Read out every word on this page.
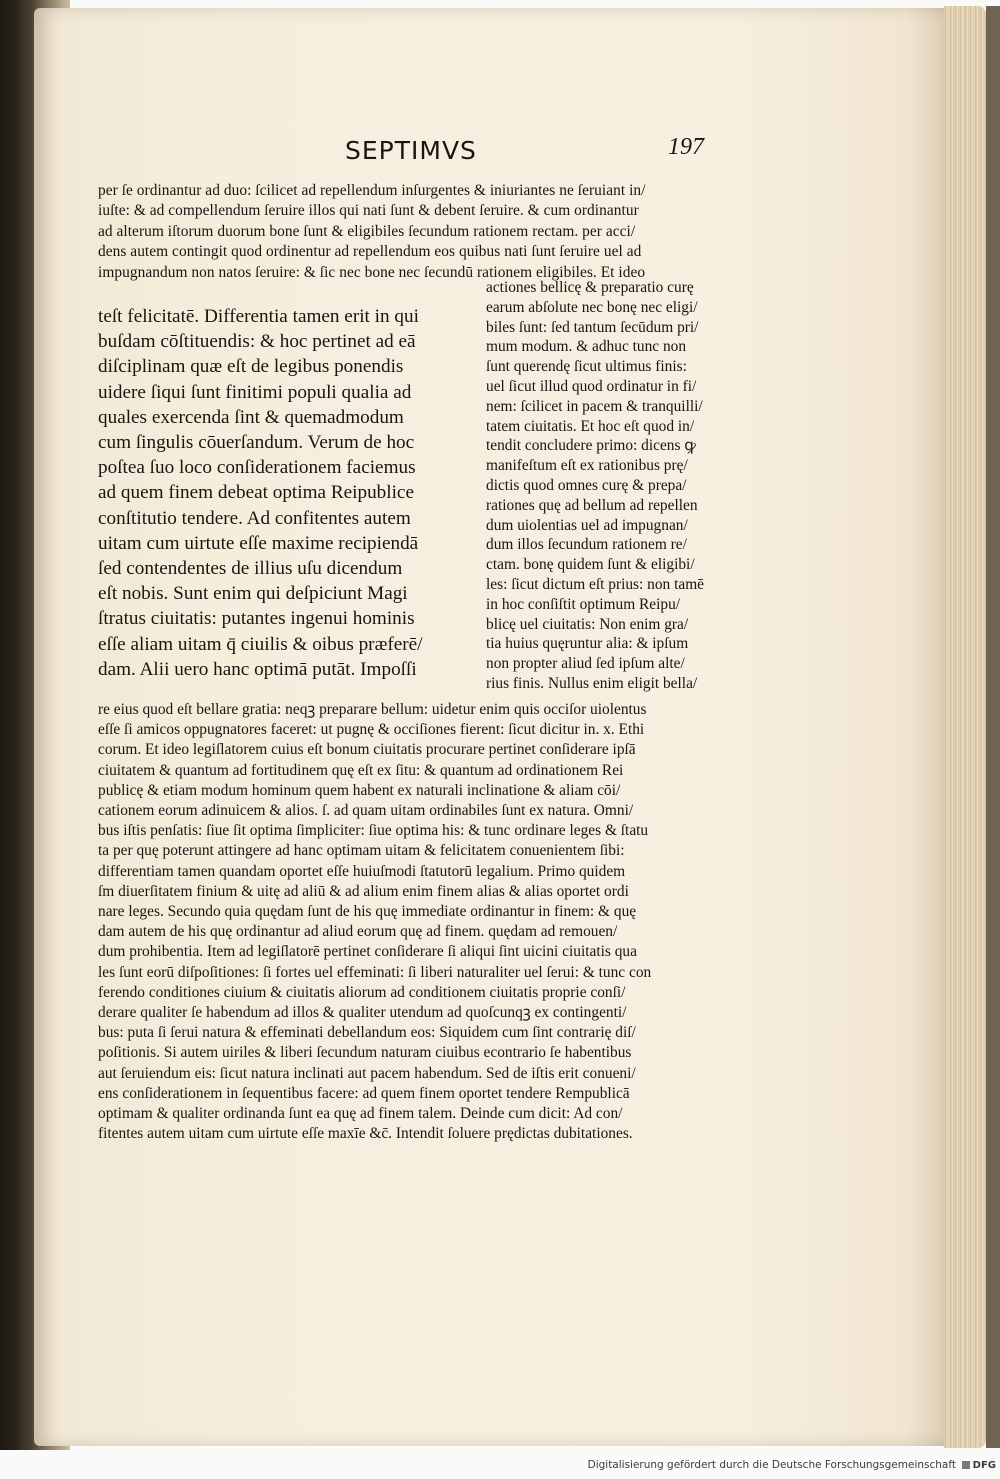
SEPTIMVS	197
per ſe ordinantur ad duo: ſcilicet ad repellendum inſurgentes & iniuriantes ne ſeruiant in/
iuſte: & ad compellendum ſeruire illos qui nati ſunt & debent ſeruire. & cum ordinantur
ad alterum iſtorum duorum bone ſunt & eligibiles ſecundum rationem rectam. per acci/
dens autem contingit quod ordinentur ad repellendum eos quibus nati ſunt ſeruire uel ad
impugnandum non natos ſeruire: & ſic nec bone nec ſecundū rationem eligibiles. Et ideo
teſt felicitatē. Differentia tamen erit in qui
buſdam cōſtituendis: & hoc pertinet ad eā
diſciplinam quæ eſt de legibus ponendis
uidere ſiqui ſunt finitimi populi qualia ad
quales exercenda ſint & quemadmodum
cum ſingulis cōuerſandum. Verum de hoc
poſtea ſuo loco conſiderationem faciemus
ad quem finem debeat optima Reipublice
conſtitutio tendere. Ad confitentes autem
uitam cum uirtute eſſe maxime recipiendā
ſed contendentes de illius uſu dicendum
eſt nobis. Sunt enim qui deſpiciunt Magi
ſtratus ciuitatis: putantes ingenui hominis
eſſe aliam uitam q̄ ciuilis & oibus præferē/
dam. Alii uero hanc optimā putāt. Impoſſi
actiones bellicę & preparatio curę
earum abſolute nec bonę nec eligi/
biles ſunt: ſed tantum ſecūdum pri/
mum modum. & adhuc tunc non
ſunt querendę ſicut ultimus finis:
uel ſicut illud quod ordinatur in fi/
nem: ſcilicet in pacem & tranquilli/
tatem ciuitatis. Et hoc eſt quod in/
tendit concludere primo: dicens ꝙ
manifeſtum eſt ex rationibus prę/
dictis quod omnes curę & prepa/
rationes quę ad bellum ad repellen
dum uiolentias uel ad impugnan/
dum illos ſecundum rationem re/
ctam. bonę quidem ſunt & eligibi/
les: ſicut dictum eſt prius: non tamē
in hoc conſiſtit optimum Reipu/
blicę uel ciuitatis: Non enim gra/
tia huius quęruntur alia: & ipſum
non propter aliud ſed ipſum alte/
rius finis. Nullus enim eligit bella/
re eius quod eſt bellare gratia: neqꝫ preparare bellum: uidetur enim quis occiſor uiolentus
eſſe ſi amicos oppugnatores faceret: ut pugnę & occiſiones fierent: ſicut dicitur in. x. Ethi
corum. Et ideo legiſlatorem cuius eſt bonum ciuitatis procurare pertinet conſiderare ipſā
ciuitatem & quantum ad fortitudinem quę eſt ex ſitu: & quantum ad ordinationem Rei
publicę & etiam modum hominum quem habent ex naturali inclinatione & aliam cōi/
cationem eorum adinuicem & alios. ſ. ad quam uitam ordinabiles ſunt ex natura. Omni/
bus iſtis penſatis: ſiue ſit optima ſimpliciter: ſiue optima his: & tunc ordinare leges & ſtatu
ta per quę poterunt attingere ad hanc optimam uitam & felicitatem conuenientem ſibi:
differentiam tamen quandam oportet eſſe huiuſmodi ſtatutorū legalium. Primo quidem
ſm diuerſitatem finium & uitę ad aliū & ad alium enim finem alias & alias oportet ordi
nare leges. Secundo quia quędam ſunt de his quę immediate ordinantur in finem: & quę
dam autem de his quę ordinantur ad aliud eorum quę ad finem. quędam ad remouen/
dum prohibentia. Item ad legiſlatorē pertinet conſiderare ſi aliqui ſint uicini ciuitatis qua
les ſunt eorū diſpoſitiones: ſi fortes uel effeminati: ſi liberi naturaliter uel ſerui: & tunc con
ferendo conditiones ciuium & ciuitatis aliorum ad conditionem ciuitatis proprie conſi/
derare qualiter ſe habendum ad illos & qualiter utendum ad quoſcunqꝫ ex contingenti/
bus: puta ſi ſerui natura & effeminati debellandum eos: Siquidem cum ſint contrarię diſ/
poſitionis. Si autem uiriles & liberi ſecundum naturam ciuibus econtrario ſe habentibus
aut ſeruiendum eis: ſicut natura inclinati aut pacem habendum. Sed de iſtis erit conueni/
ens conſiderationem in ſequentibus facere: ad quem finem oportet tendere Rempublicā
optimam & qualiter ordinanda ſunt ea quę ad finem talem. Deinde cum dicit: Ad con/
fitentes autem uitam cum uirtute eſſe maxīe &c̄. Intendit ſoluere prędictas dubitationes.
Digitalisierung gefördert durch die Deutsche Forschungsgemeinschaft DFG
